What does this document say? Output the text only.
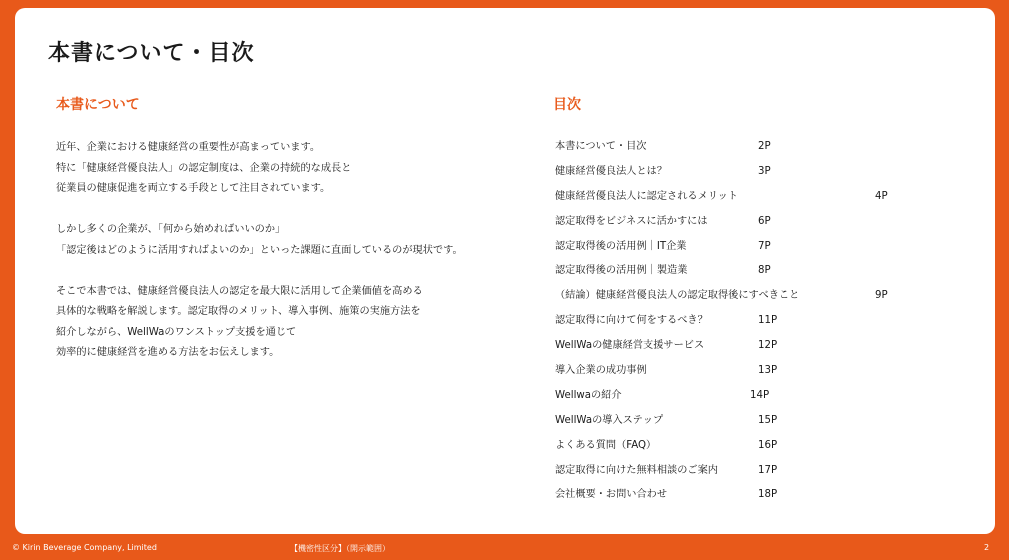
本書について・目次
本書について

近年、企業における健康経営の重要性が高まっています。

特に「健康経営優良法人」の認定制度は、企業の持続的な成長と

従業員の健康促進を両立する手段として注目されています。

しかし多くの企業が、「何から始めればいいのか」

「認定後はどのように活用すればよいのか」といった課題に直面しているのが現状です。

そこで本書では、健康経営優良法人の認定を最大限に活用して企業価値を高める

具体的な戦略を解説します。認定取得のメリット、導入事例、施策の実施方法を

紹介しながら、WellWaのワンストップ支援を通じて

効率的に健康経営を進める方法をお伝えします。

目次
本書について・目次	2P
健康経営優良法人とは？	3P
健康経営優良法人に認定されるメリット	4P
認定取得をビジネスに活かすには	6P
認定取得後の活用例｜IT企業	7P
認定取得後の活用例｜製造業	8P
（結論）健康経営優良法人の認定取得後にすべきこと	9P
認定取得に向けて何をするべき？	11P
WellWaの健康経営支援サービス	12P
導入企業の成功事例	13P
Wellwaの紹介	14P
WellWaの導入ステップ	15P
よくある質問（FAQ）	16P
認定取得に向けた無料相談のご案内	17P
会社概要・お問い合わせ	18P
© Kirin Beverage Company, Limited	【機密性区分】（開示範囲）	2
